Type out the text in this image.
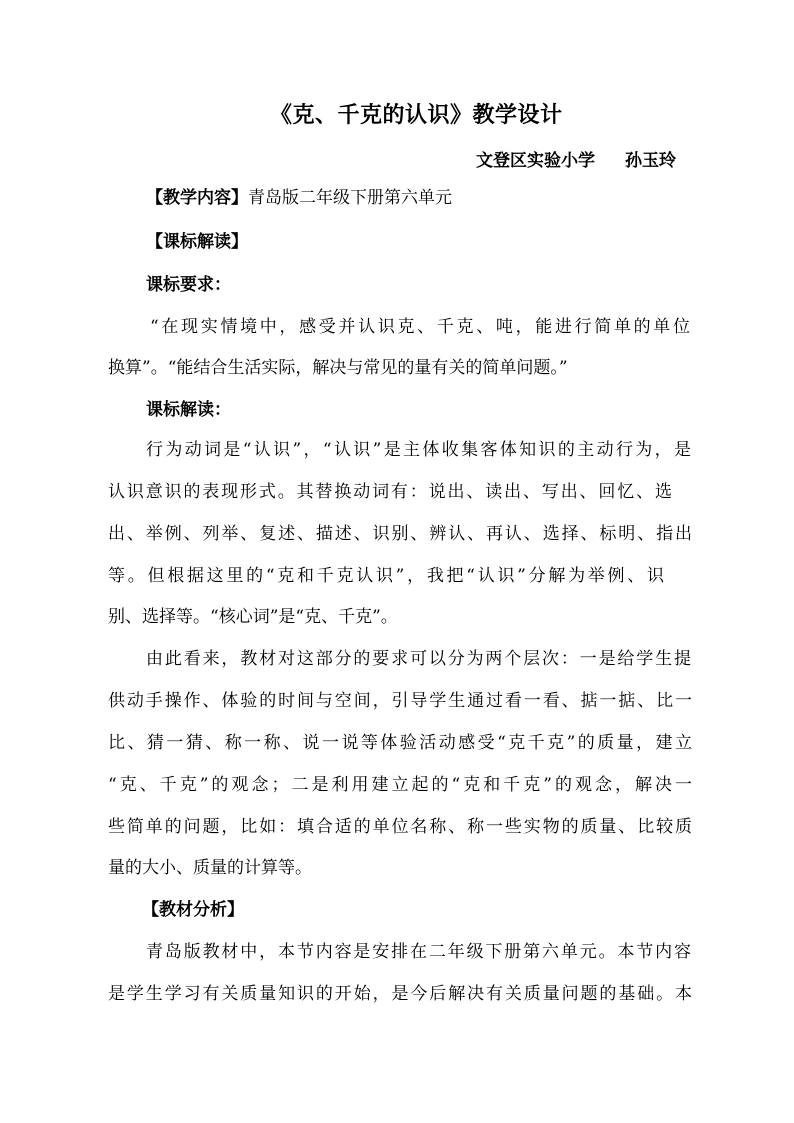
《克、千克的认识》教学设计
文登区实验小学 孙玉玲
【教学内容】青岛版二年级下册第六单元
【课标解读】
课标要求：
“在现实情境中，感受并认识克、千克、吨，能进行简单的单位
换算”。“能结合生活实际，解决与常见的量有关的简单问题。”
课标解读：
行为动词是“认识”，“认识”是主体收集客体知识的主动行为，是
认识意识的表现形式。其替换动词有：说出、读出、写出、回忆、选
出、举例、列举、复述、描述、识别、辨认、再认、选择、标明、指出
等。但根据这里的“克和千克认识”，我把“认识”分解为举例、识
别、选择等。“核心词”是“克、千克”。
由此看来，教材对这部分的要求可以分为两个层次：一是给学生提
供动手操作、体验的时间与空间，引导学生通过看一看、掂一掂、比一
比、猜一猜、称一称、说一说等体验活动感受“克千克”的质量，建立
“克、千克”的观念；二是利用建立起的“克和千克”的观念，解决一
些简单的问题，比如：填合适的单位名称、称一些实物的质量、比较质
量的大小、质量的计算等。
【教材分析】
青岛版教材中，本节内容是安排在二年级下册第六单元。本节内容
是学生学习有关质量知识的开始，是今后解决有关质量问题的基础。本
